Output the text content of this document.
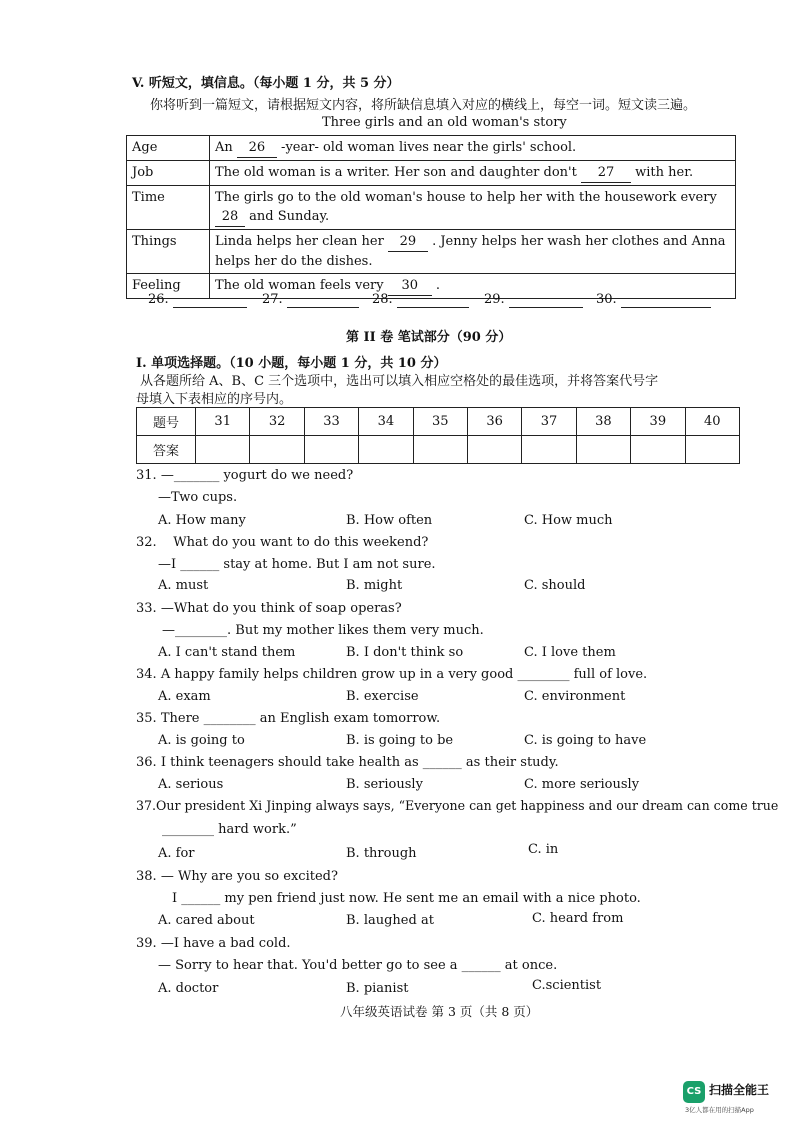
V. 听短文，填信息。（每小题 1 分，共 5 分）
你将听到一篇短文，请根据短文内容，将所缺信息填入对应的横线上，每空一词。短文读三遍。
Three girls and an old woman's story
Age	An 26 -year- old woman lives near the girls' school.
Job	The old woman is a writer. Her son and daughter don't 27 with her.
Time	The girls go to the old woman's house to help her with the housework every 28 and Sunday.
Things	Linda helps her clean her 29 . Jenny helps her wash her clothes and Anna helps her do the dishes.
Feeling	The old woman feels very 30 .
26.	27.	28.	29.	30.
第 II 卷 笔试部分（90 分）
I. 单项选择题。（10 小题，每小题 1 分，共 10 分）
从各题所给 A、B、C 三个选项中，选出可以填入相应空格处的最佳选项，并将答案代号字
母填入下表相应的序号内。
题号	31	32	33	34	35	36	37	38	39	40
答案										
31. —_______ yogurt do we need?
—Two cups.
A. How many	B. How often	C. How much
32. What do you want to do this weekend?
—I ______ stay at home. But I am not sure.
A. must	B. might	C. should
33. —What do you think of soap operas?
—________. But my mother likes them very much.
A. I can't stand them	B. I don't think so	C. I love them
34. A happy family helps children grow up in a very good ________ full of love.
A. exam	B. exercise	C. environment
35. There ________ an English exam tomorrow.
A. is going to	B. is going to be	C. is going to have
36. I think teenagers should take health as ______ as their study.
A. serious	B. seriously	C. more seriously
37.Our president Xi Jinping always says, “Everyone can get happiness and our dream can come true
________ hard work.”
A. for	B. through	C. in
38. — Why are you so excited?
I ______ my pen friend just now. He sent me an email with a nice photo.
A. cared about	B. laughed at	C. heard from
39. —I have a bad cold.
— Sorry to hear that. You'd better go to see a ______ at once.
A. doctor	B. pianist	C.scientist
八年级英语试卷 第 3 页（共 8 页）
CS 扫描全能王
3亿人都在用的扫描App
